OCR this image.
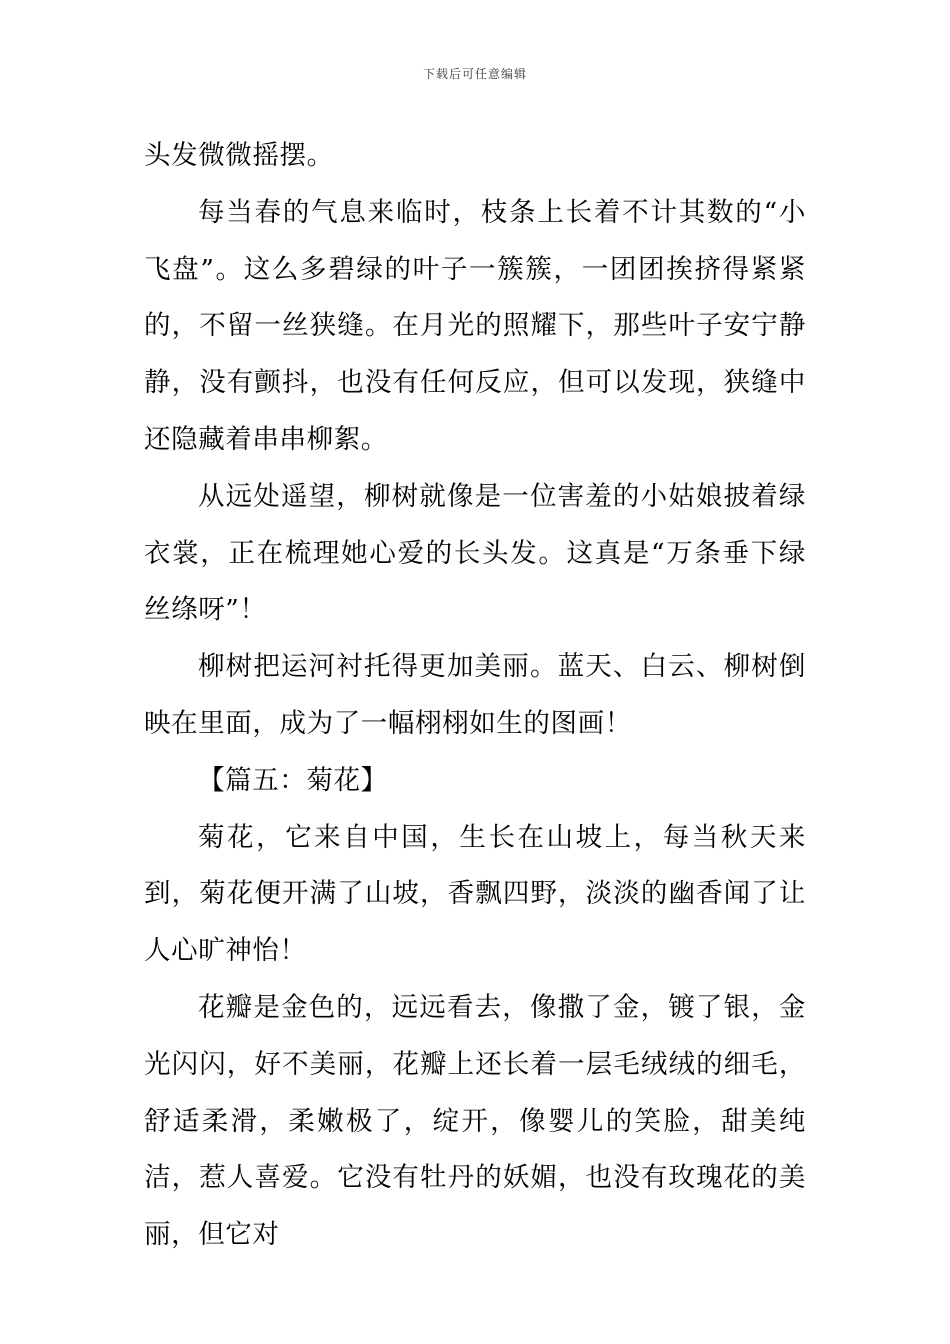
下载后可任意编辑

头发微微摇摆。

每当春的气息来临时，枝条上长着不计其数的“小飞盘”。这么多碧绿的叶子一簇簇，一团团挨挤得紧紧的，不留一丝狭缝。在月光的照耀下，那些叶子安宁静静，没有颤抖，也没有任何反应，但可以发现，狭缝中还隐藏着串串柳絮。

从远处遥望，柳树就像是一位害羞的小姑娘披着绿衣裳，正在梳理她心爱的长头发。这真是“万条垂下绿丝绦呀”！

柳树把运河衬托得更加美丽。蓝天、白云、柳树倒映在里面，成为了一幅栩栩如生的图画！

【篇五：菊花】

菊花，它来自中国，生长在山坡上，每当秋天来到，菊花便开满了山坡，香飘四野，淡淡的幽香闻了让人心旷神怡！

花瓣是金色的，远远看去，像撒了金，镀了银，金光闪闪，好不美丽，花瓣上还长着一层毛绒绒的细毛，舒适柔滑，柔嫩极了，绽开，像婴儿的笑脸，甜美纯洁，惹人喜爱。它没有牡丹的妖媚，也没有玫瑰花的美丽，但它对
